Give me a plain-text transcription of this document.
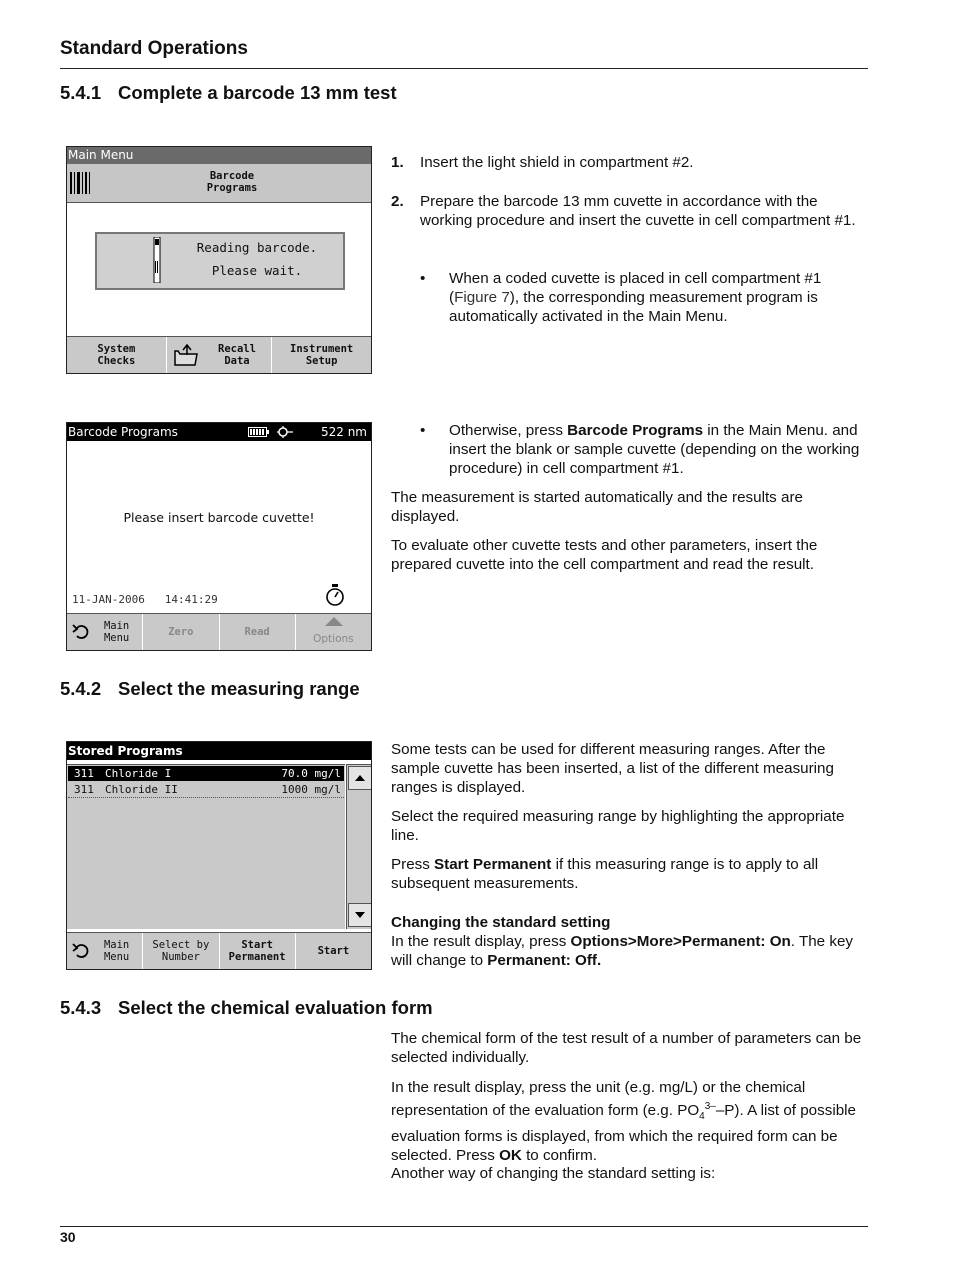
Standard Operations
5.4.1 Complete a barcode 13 mm test
Main Menu
Barcode
Programs
Reading barcode.
Please wait.
System
Checks
Recall
Data
Instrument
Setup
1. Insert the light shield in compartment #2.
2. Prepare the barcode 13 mm cuvette in accordance with the working procedure and insert the cuvette in cell compartment #1.
• When a coded cuvette is placed in cell compartment #1 (Figure 7), the corresponding measurement program is automatically activated in the Main Menu.
Barcode Programs	522 nm
Please insert barcode cuvette!
11-JAN-2006 14:41:29
Main
Menu	Zero	Read
Options
• Otherwise, press Barcode Programs in the Main Menu. and insert the blank or sample cuvette (depending on the working procedure) in cell compartment #1.
The measurement is started automatically and the results are displayed.
To evaluate other cuvette tests and other parameters, insert the prepared cuvette into the cell compartment and read the result.
5.4.2 Select the measuring range
Stored Programs
311 Chloride I	70.0 mg/l
311 Chloride II	1000 mg/l
Main
Menu
Select by
Number
Start
Permanent	Start
Some tests can be used for different measuring ranges. After the sample cuvette has been inserted, a list of the different measuring ranges is displayed.
Select the required measuring range by highlighting the appropriate line.
Press Start Permanent if this measuring range is to apply to all subsequent measurements.
Changing the standard setting
In the result display, press Options>More>Permanent: On. The key will change to Permanent: Off.
5.4.3 Select the chemical evaluation form
The chemical form of the test result of a number of parameters can be selected individually.
In the result display, press the unit (e.g. mg/L) or the chemical representation of the evaluation form (e.g. $PO_4^{3-}-P$). A list of possible evaluation forms is displayed, from which the required form can be selected. Press OK to confirm.
Another way of changing the standard setting is:
30
